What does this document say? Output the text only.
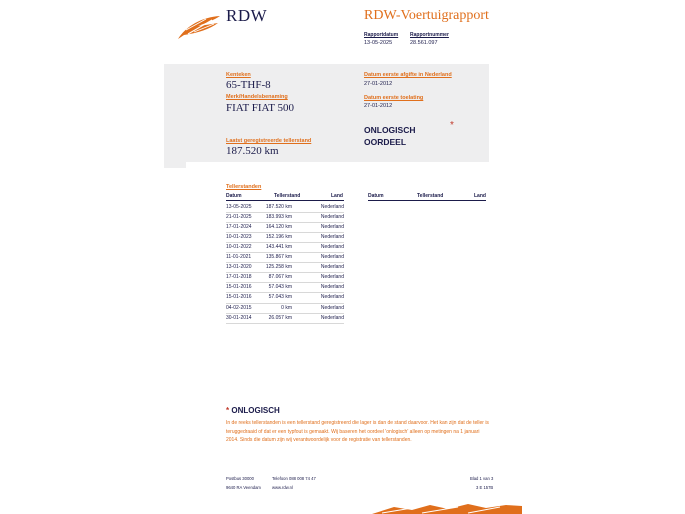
RDW	RDW-Voertuigrapport
Rapportdatum
13-05-2025
Rapportnummer
28.561.097
Kenteken
65-THF-8
Merk/Handelsbenaming
FIAT FIAT 500
Laatst geregistreerde tellerstand
187.520 km
Datum eerste afgifte in Nederland
27-01-2012
Datum eerste toelating
27-01-2012
ONLOGISCH
OORDEEL
*
Tellerstanden
Datum	Tellerstand	Land	Datum	Tellerstand	Land
13-05-2025	187.520 km	Nederland
21-01-2025	183.993 km	Nederland
17-01-2024	164.120 km	Nederland
10-01-2023	152.196 km	Nederland
10-01-2022	143.441 km	Nederland
11-01-2021	135.867 km	Nederland
13-01-2020	125.258 km	Nederland
17-01-2018	87.067 km	Nederland
15-01-2016	57.043 km	Nederland
15-01-2016	57.043 km	Nederland
04-02-2015	0 km	Nederland
30-01-2014	26.057 km	Nederland
* ONLOGISCH
In de reeks tellerstanden is een tellerstand geregistreerd die lager is dan de stand daarvoor. Het kan zijn dat de teller is teruggedraaid of dat er een typfout is gemaakt. Wij baseren het oordeel 'onlogisch' alleen op metingen na 1 januari 2014. Sinds die datum zijn wij verantwoordelijk voor de registratie van tellerstanden.
Postbus 30000
9640 RA Veendam
Telefoon 088 008 74 47
www.rdw.nl
Blad 1 van 3
3 E 157B
